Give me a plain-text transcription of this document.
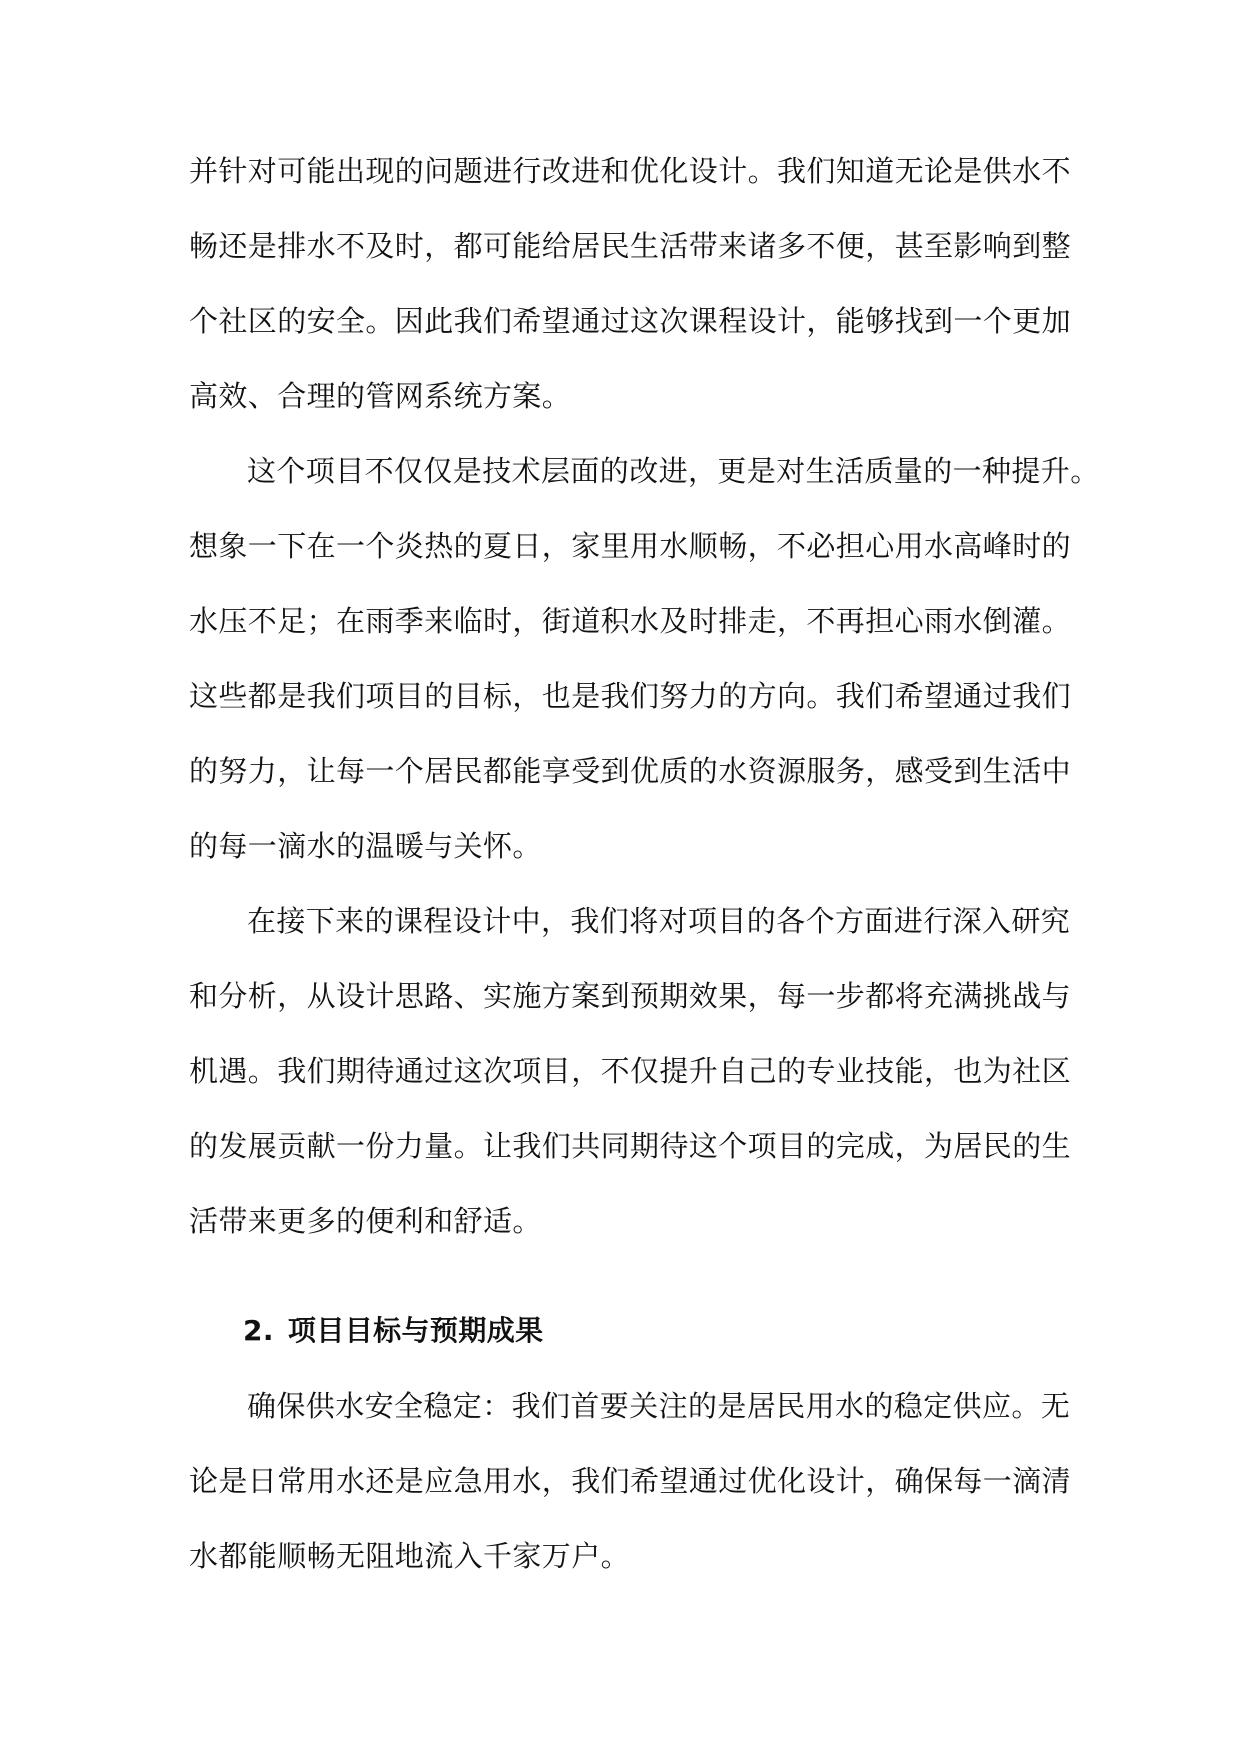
并针对可能出现的问题进行改进和优化设计。我们知道无论是供水不
畅还是排水不及时，都可能给居民生活带来诸多不便，甚至影响到整
个社区的安全。因此我们希望通过这次课程设计，能够找到一个更加
高效、合理的管网系统方案。
这个项目不仅仅是技术层面的改进，更是对生活质量的一种提升。
想象一下在一个炎热的夏日，家里用水顺畅，不必担心用水高峰时的
水压不足；在雨季来临时，街道积水及时排走，不再担心雨水倒灌。
这些都是我们项目的目标，也是我们努力的方向。我们希望通过我们
的努力，让每一个居民都能享受到优质的水资源服务，感受到生活中
的每一滴水的温暖与关怀。
在接下来的课程设计中，我们将对项目的各个方面进行深入研究
和分析，从设计思路、实施方案到预期效果，每一步都将充满挑战与
机遇。我们期待通过这次项目，不仅提升自己的专业技能，也为社区
的发展贡献一份力量。让我们共同期待这个项目的完成，为居民的生
活带来更多的便利和舒适。
2. 项目目标与预期成果
确保供水安全稳定：我们首要关注的是居民用水的稳定供应。无
论是日常用水还是应急用水，我们希望通过优化设计，确保每一滴清
水都能顺畅无阻地流入千家万户。
